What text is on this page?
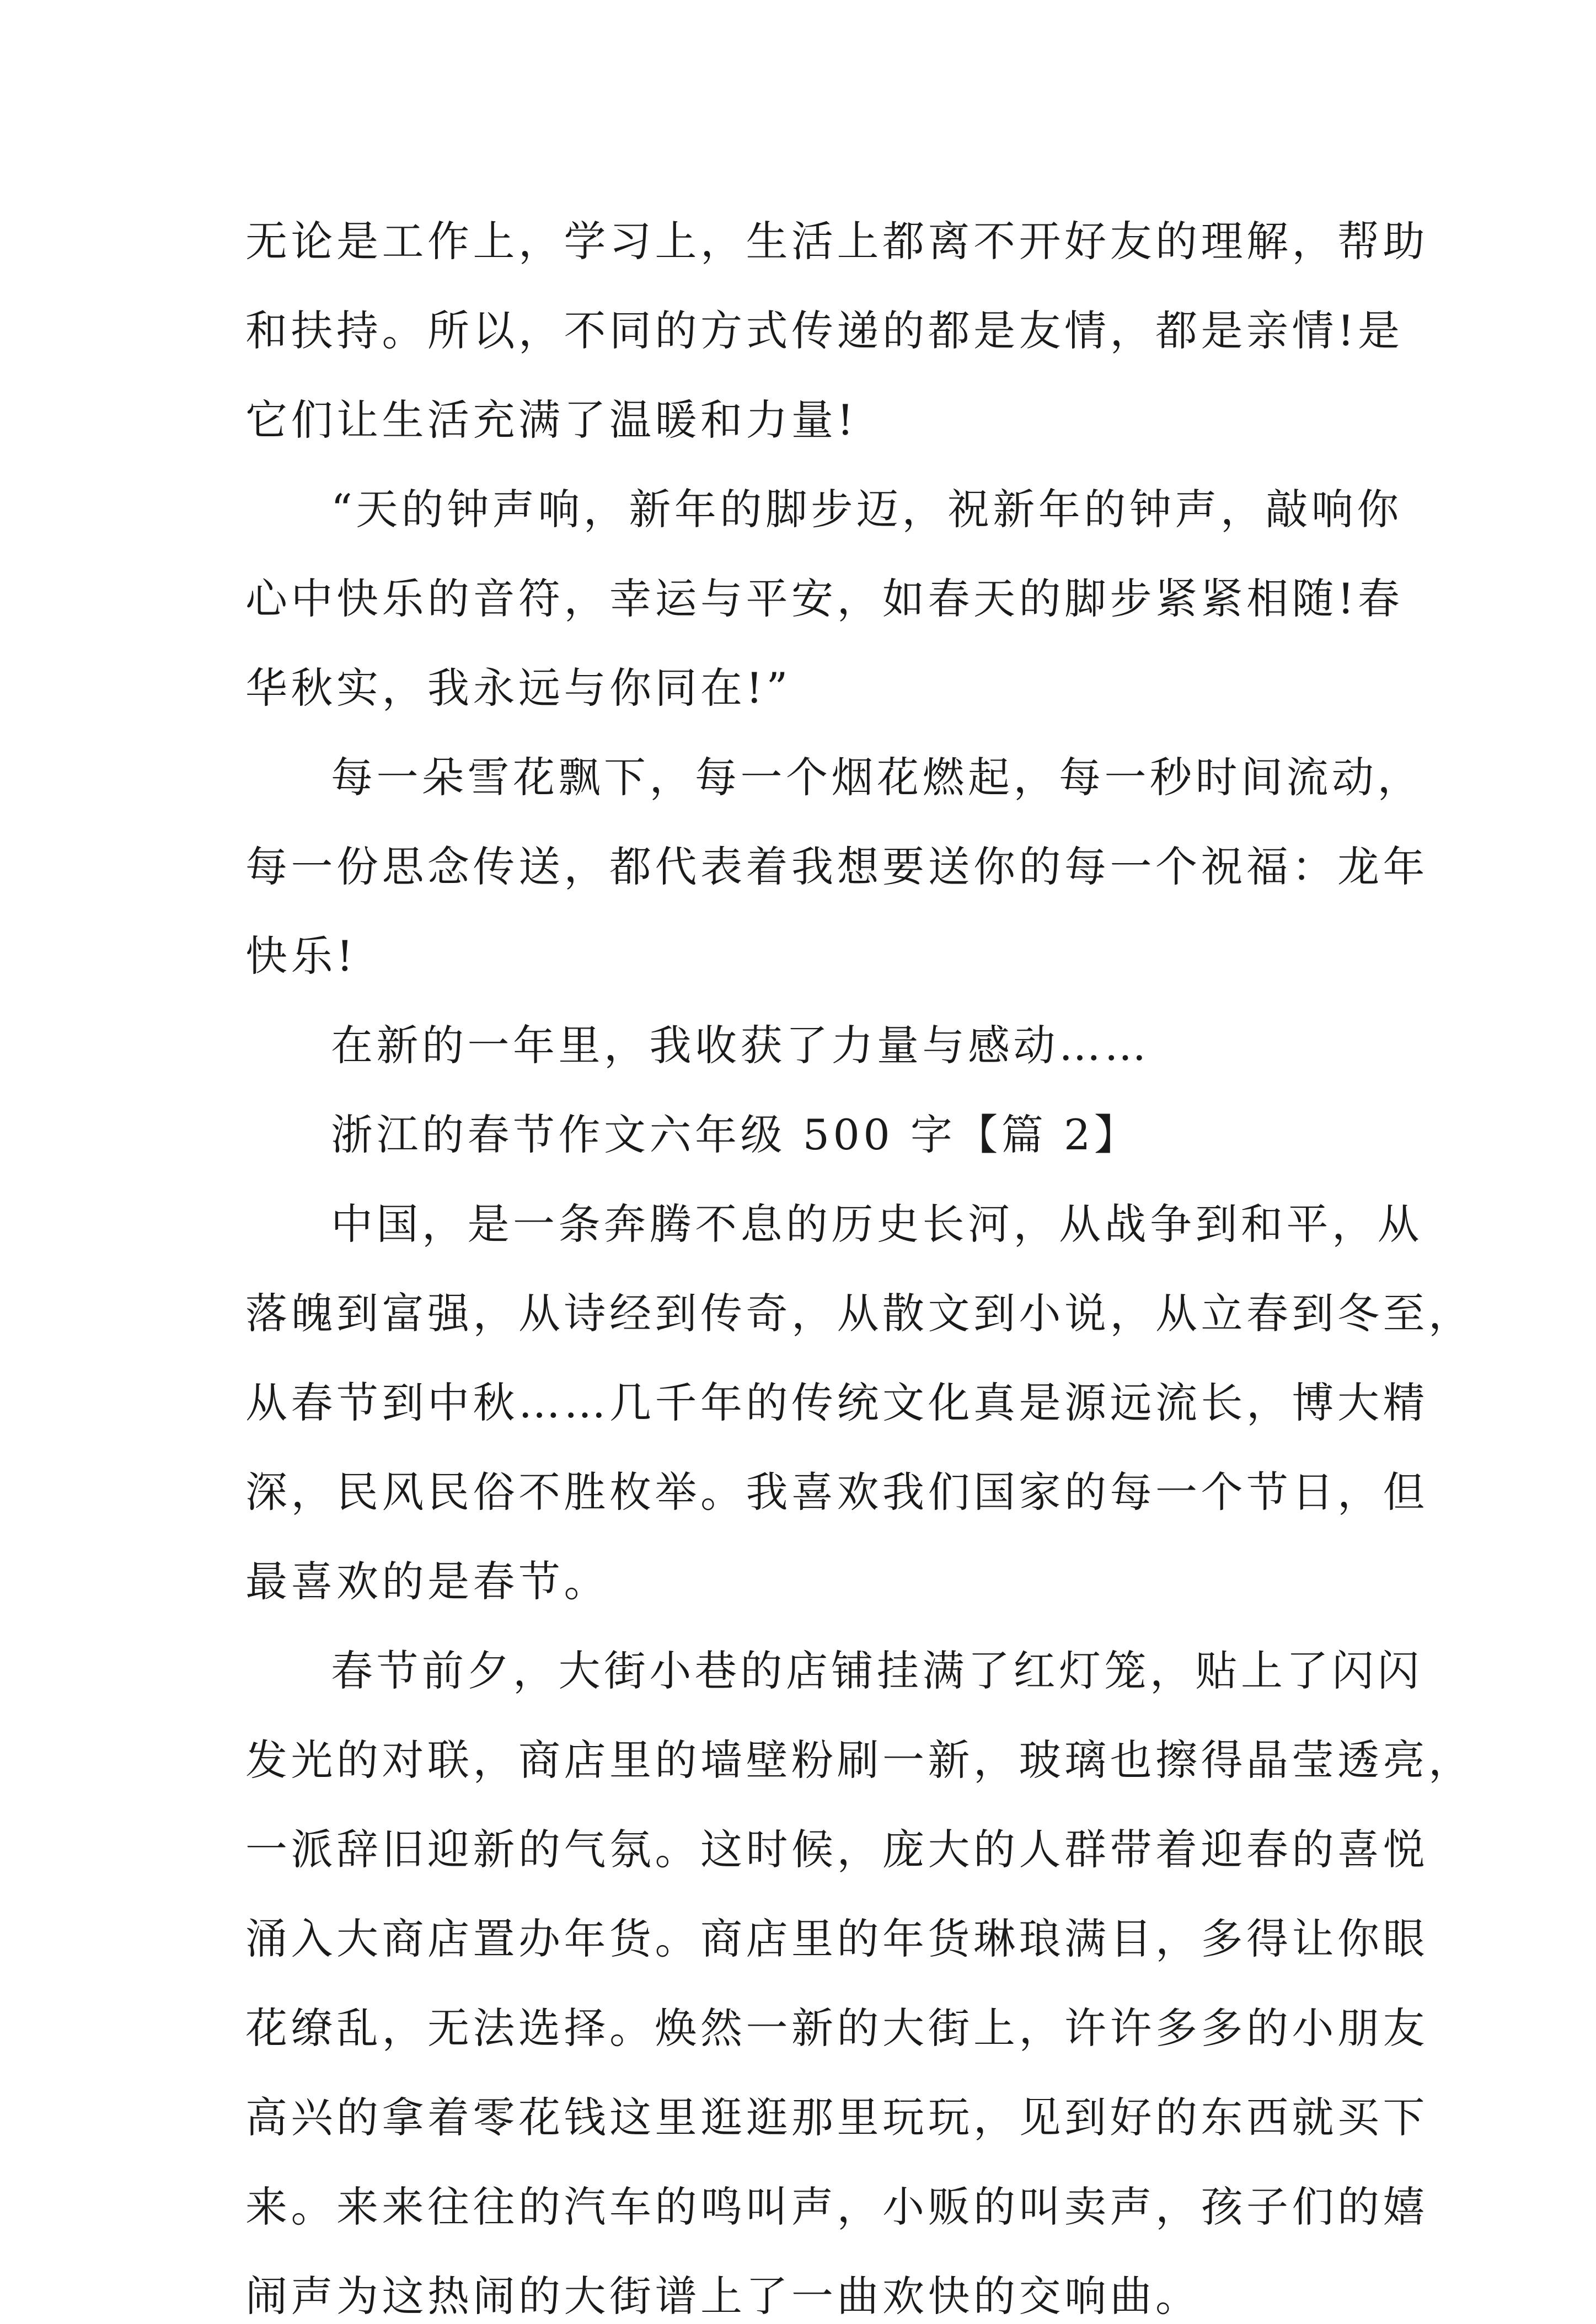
无论是工作上，学习上，生活上都离不开好友的理解，帮助
和扶持。所以，不同的方式传递的都是友情，都是亲情!是
它们让生活充满了温暖和力量!
“天的钟声响，新年的脚步迈，祝新年的钟声，敲响你
心中快乐的音符，幸运与平安，如春天的脚步紧紧相随!春
华秋实，我永远与你同在!”
每一朵雪花飘下，每一个烟花燃起，每一秒时间流动，
每一份思念传送，都代表着我想要送你的每一个祝福：龙年
快乐!
在新的一年里，我收获了力量与感动……
浙江的春节作文六年级 500 字【篇 2】
中国，是一条奔腾不息的历史长河，从战争到和平，从
落魄到富强，从诗经到传奇，从散文到小说，从立春到冬至，
从春节到中秋……几千年的传统文化真是源远流长，博大精
深，民风民俗不胜枚举。我喜欢我们国家的每一个节日，但
最喜欢的是春节。
春节前夕，大街小巷的店铺挂满了红灯笼，贴上了闪闪
发光的对联，商店里的墙壁粉刷一新，玻璃也擦得晶莹透亮，
一派辞旧迎新的气氛。这时候，庞大的人群带着迎春的喜悦
涌入大商店置办年货。商店里的年货琳琅满目，多得让你眼
花缭乱，无法选择。焕然一新的大街上，许许多多的小朋友
高兴的拿着零花钱这里逛逛那里玩玩，见到好的东西就买下
来。来来往往的汽车的鸣叫声，小贩的叫卖声，孩子们的嬉
闹声为这热闹的大街谱上了一曲欢快的交响曲。
